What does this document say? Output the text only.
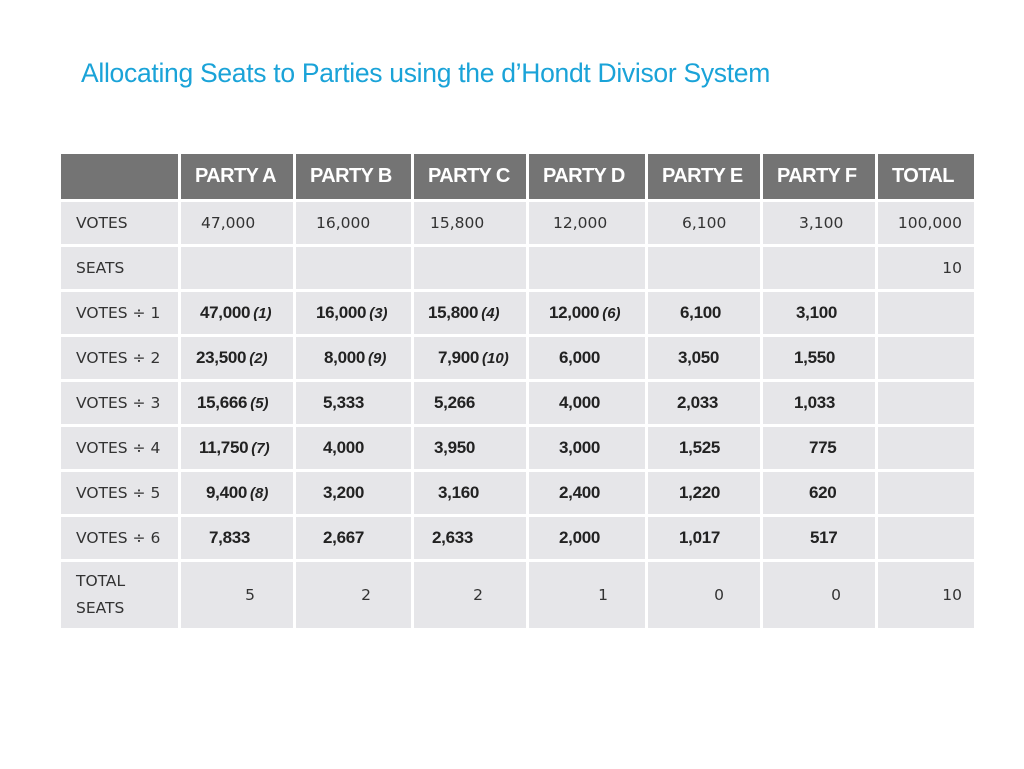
Allocating Seats to Parties using the d’Hondt Divisor System
	PARTY A	PARTY B	PARTY C	PARTY D	PARTY E	PARTY F	TOTAL
VOTES	47,000	16,000	15,800	12,000	6,100	3,100	100,000
SEATS							10
VOTES ÷ 1	47,000 (1)	16,000 (3)	15,800 (4)	12,000 (6)	6,100	3,100	
VOTES ÷ 2	23,500 (2)	8,000 (9)	7,900 (10)	6,000	3,050	1,550	
VOTES ÷ 3	15,666 (5)	5,333	5,266	4,000	2,033	1,033	
VOTES ÷ 4	11,750 (7)	4,000	3,950	3,000	1,525	775	
VOTES ÷ 5	9,400 (8)	3,200	3,160	2,400	1,220	620	
VOTES ÷ 6	7,833	2,667	2,633	2,000	1,017	517	
TOTAL SEATS	5	2	2	1	0	0	10
